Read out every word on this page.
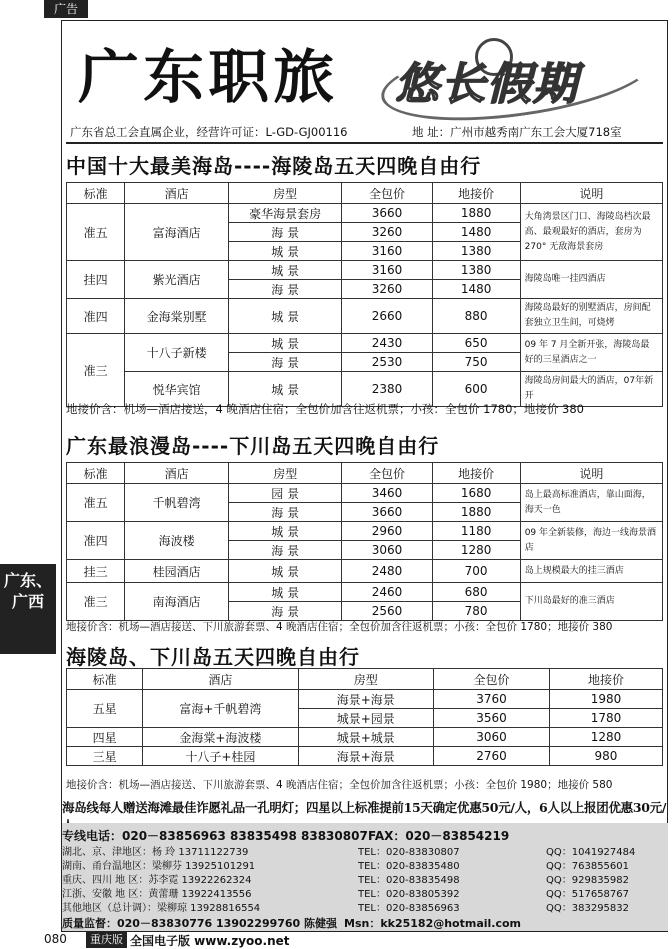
广告
广东职旅 悠长假期
广东省总工会直属企业，经营许可证：L-GD-GJ00116	地 址：广州市越秀南广东工会大厦718室
广东、
广西
中国十大最美海岛----海陵岛五天四晚自由行
标准	酒店	房型	全包价	地接价	说明
准五	富海酒店	豪华海景套房	3660	1880	大角湾景区门口、海陵岛档次最高、最观最好的酒店，套房为 270° 无敌海景套房
		海 景	3260	1480	
		城 景	3160	1380	
挂四	紫光酒店	城 景	3160	1380	海陵岛唯一挂四酒店
		海 景	3260	1480	
准四	金海棠别墅	城 景	2660	880	海陵岛最好的别墅酒店，房间配套独立卫生间，可烧烤
准三	十八子新楼	城 景	2430	650	09 年 7 月全新开张，海陵岛最好的三星酒店之一
		海 景	2530	750	
	悦华宾馆	城 景	2380	600	海陵岛房间最大的酒店，07年新开
地接价含：机场—酒店接送，4 晚酒店住宿；全包价加含往返机票；小孩：全包价 1780；地接价 380
广东最浪漫岛----下川岛五天四晚自由行
标准	酒店	房型	全包价	地接价	说明
准五	千帆碧湾	园 景	3460	1680	岛上最高标准酒店，靠山面海，海天一色
		海 景	3660	1880	
准四	海波楼	城 景	2960	1180	09 年全新装修，海边一线海景酒店
		海 景	3060	1280	
挂三	桂园酒店	城 景	2480	700	岛上规模最大的挂三酒店
准三	南海酒店	城 景	2460	680	下川岛最好的准三酒店
		海 景	2560	780	
地接价含：机场—酒店接送、下川旅游套票、4 晚酒店住宿；全包价加含往返机票；小孩：全包价 1780；地接价 380
海陵岛、下川岛五天四晚自由行
标准	酒店	房型	全包价	地接价
五星	富海+千帆碧湾	海景+海景	3760	1980
		城景+园景	3560	1780
四星	金海棠+海波楼	城景+城景	3060	1280
三星	十八子+桂园	海景+海景	2760	980
地接价含：机场—酒店接送、下川旅游套票、4 晚酒店住宿；全包价加含往返机票；小孩：全包价 1980；地接价 580
海岛线每人赠送海滩最佳诈愿礼品一孔明灯；四星以上标准提前15天确定优惠50元/人，6人以上报团优惠30元/
专线电话：020－83856963 83835498 83830807 FAX：020－83854219
湖北、京、津地区：杨 玲 13711122739	TEL：020-83830807	QQ：1041927484
湖南、甬台温地区：梁柳芬 13925101291	TEL：020-83835480	QQ：763855601
重庆、四川 地 区：苏李霓 13922262324	TEL：020-83835498	QQ：929835982
江浙、安徽 地 区：黄蕾珊 13922413556	TEL：020-83805392	QQ：517658767
其他地区（总计调）：梁柳琼 13928816554	TEL：020-83856963	QQ：383295832
质量监督：020－83830776 13902299760 陈健强 Msn：kk25182@hotmail.com
080	重庆版 全国电子版 www.zyoo.net
